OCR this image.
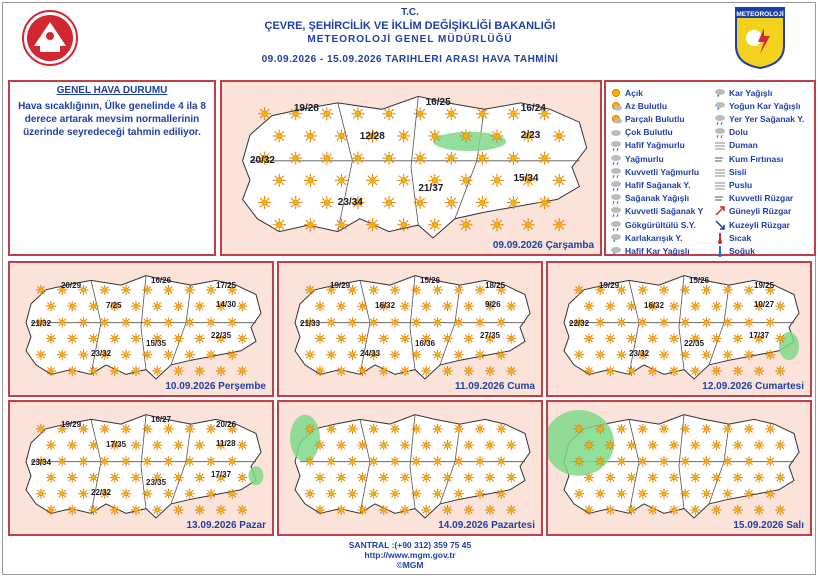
METEOROLOJİ
T.C.
ÇEVRE, ŞEHİRCİLİK VE İKLİM DEĞİŞİKLİĞİ BAKANLIĞI
METEOROLOJİ GENEL MÜDÜRLÜĞÜ
09.09.2026 - 15.09.2026 TARIHLERI ARASI HAVA TAHMİNİ
GENEL HAVA DURUMU
Hava sıcaklığının, Ülke genelinde 4 ila 8 derece artarak mevsim normallerinin üzerinde seyredeceği tahmin ediliyor.
09.09.2026 Çarşamba
19/28
16/25
16/24
12/28	2/23
20/32
15/34
21/37
23/34
10.09.2026 Perşembe
20/29	16/26	17/25
7/25	14/30
21/32
22/35
15/35
23/32
11.09.2026 Cuma
19/29	15/26	18/25
16/32	9/26
21/33
27/35
16/36
24/33
12.09.2026 Cumartesi
19/29	15/26	19/25
16/32	10/27
22/32
17/37
22/35
23/32
13.09.2026 Pazar
19/29	16/27	20/26
17/35	11/28
23/34
17/37
23/35
22/32
14.09.2026 Pazartesi	15.09.2026 Salı
Açık
Az Bulutlu
Parçalı Bulutlu
Çok Bulutlu
Hafif Yağmurlu
Yağmurlu
Kuvvetli Yağmurlu
Hafif Sağanak Y.
Sağanak Yağışlı
Kuvvetli Sağanak Y
Gökgürültülü S.Y.
* Karlakarışık Y.
* Hafif Kar Yağışlı
* Kar Yağışlı
* Yoğun Kar Yağışlı
Yer Yer Sağanak Y.
Dolu
Duman
Kum Fırtınası
Sisli
Puslu
Kuvvetli Rüzgar
Güneyli Rüzgar
Kuzeyli Rüzgar
Sıcak
Soğuk
SANTRAL :(+90 312) 359 75 45
http://www.mgm.gov.tr
©MGM
